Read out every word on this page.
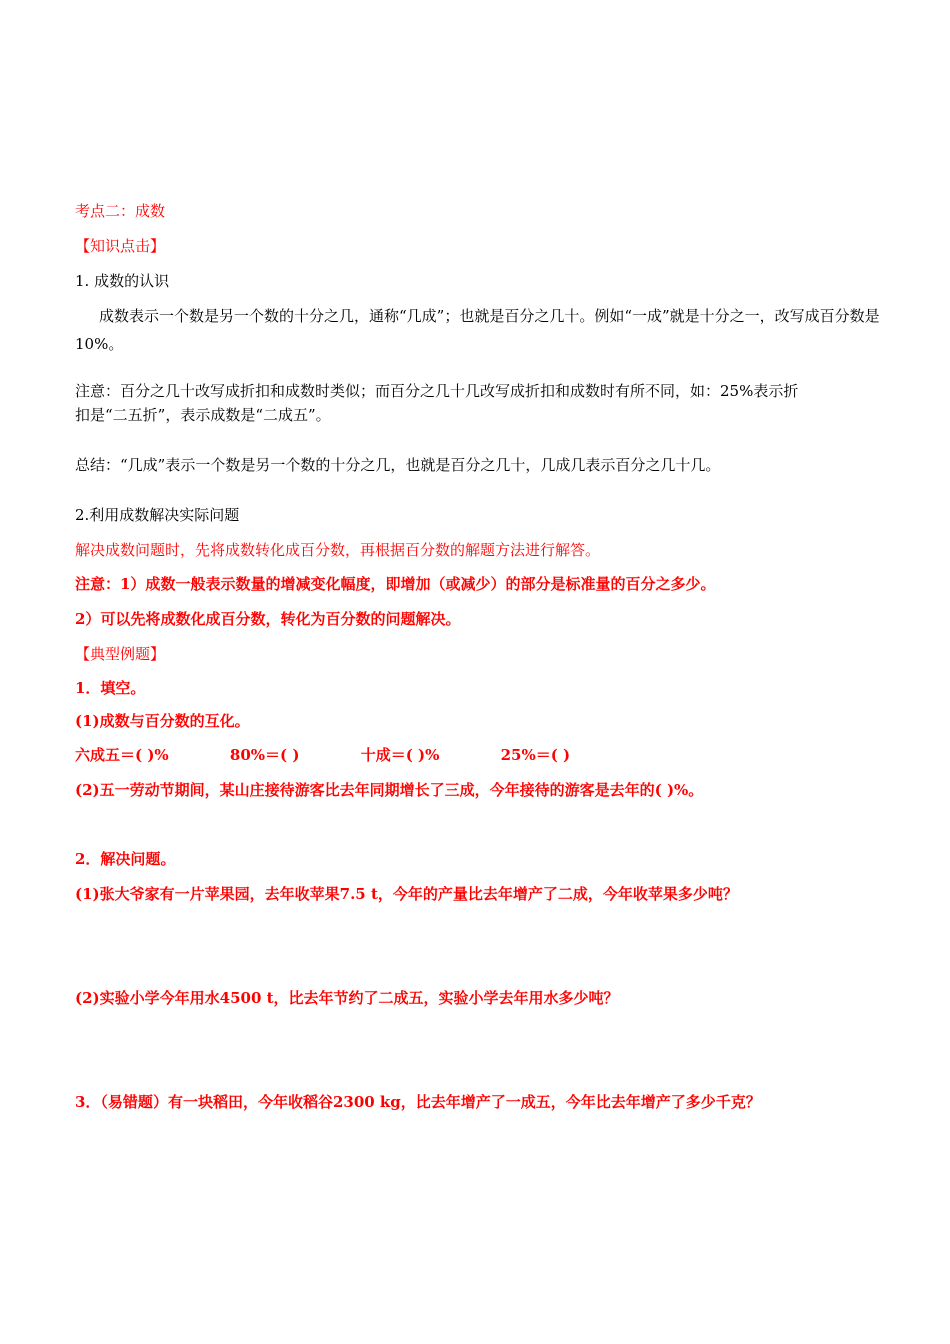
考点二：成数
【知识点击】
1. 成数的认识
成数表示一个数是另一个数的十分之几，通称“几成”；也就是百分之几十。例如“一成”就是十分之一，改写成百分数是10%。
注意：百分之几十改写成折扣和成数时类似；而百分之几十几改写成折扣和成数时有所不同，如：25%表示折
扣是“二五折”，表示成数是“二成五”。
总结：“几成”表示一个数是另一个数的十分之几，也就是百分之几十，几成几表示百分之几十几。
2.利用成数解决实际问题
解决成数问题时，先将成数转化成百分数，再根据百分数的解题方法进行解答。
注意：1）成数一般表示数量的增减变化幅度，即增加（或减少）的部分是标准量的百分之多少。
2）可以先将成数化成百分数，转化为百分数的问题解决。
【典型例题】
1．填空。
(1)成数与百分数的互化。
六成五＝( )%	80%＝( )	十成＝( )%	25%＝( )
(2)五一劳动节期间，某山庄接待游客比去年同期增长了三成，今年接待的游客是去年的( )%。
2．解决问题。
(1)张大爷家有一片苹果园，去年收苹果7.5 t，今年的产量比去年增产了二成，今年收苹果多少吨？
(2)实验小学今年用水4500 t，比去年节约了二成五，实验小学去年用水多少吨？
3．（易错题）有一块稻田，今年收稻谷2300 kg，比去年增产了一成五，今年比去年增产了多少千克？
